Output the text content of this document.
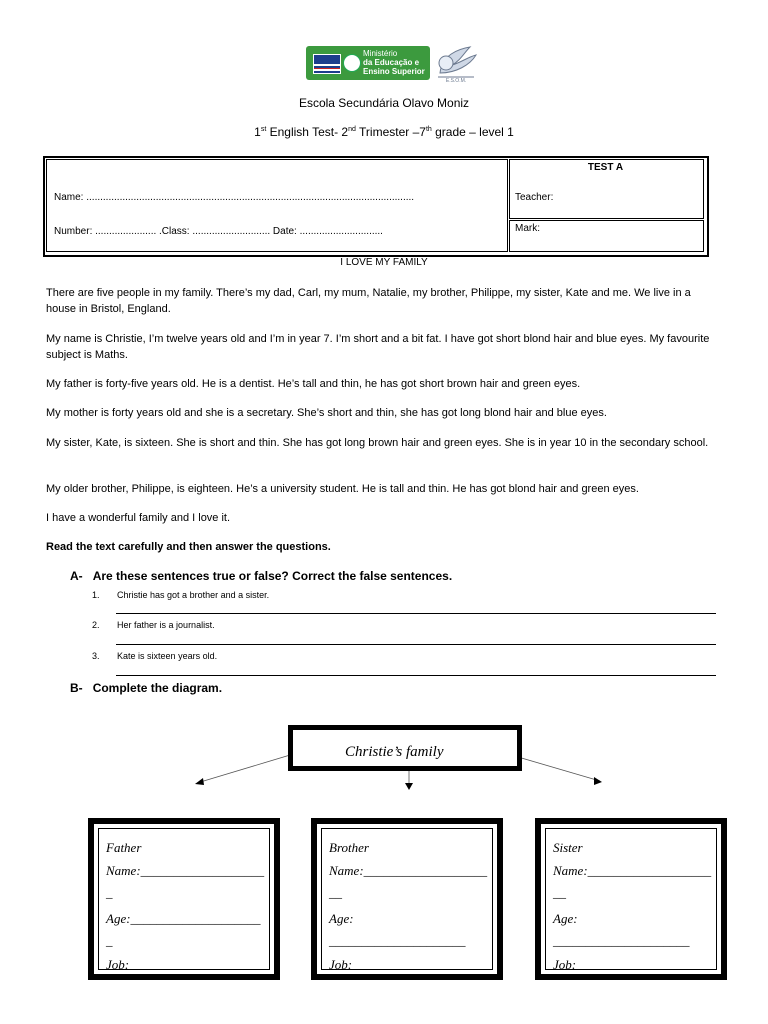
Ministério
da Educação e
Ensino Superior
E.S.O.M.
Escola Secundária Olavo Moniz
1st English Test- 2nd Trimester –7th grade – level 1
Name: ......................................................................................................................
Number: ...................... .Class: ............................ Date: ..............................
TEST A
Teacher:
Mark:
I LOVE MY FAMILY
There are five people in my family. There’s my dad, Carl, my mum, Natalie, my brother, Philippe, my sister, Kate and me. We live in a house in Bristol, England.
My name is Christie, I’m twelve years old and I’m in year 7. I’m short and a bit fat. I have got short blond hair and blue eyes. My favourite subject is Maths.
My father is forty-five years old. He is a dentist. He’s tall and thin, he has got short brown hair and green eyes.
My mother is forty years old and she is a secretary. She’s short and thin, she has got long blond hair and blue eyes.
My sister, Kate, is sixteen. She is short and thin. She has got long brown hair and green eyes. She is in year 10 in the secondary school.
My older brother, Philippe, is eighteen. He’s a university student. He is tall and thin. He has got blond hair and green eyes.
I have a wonderful family and I love it.
Read the text carefully and then answer the questions.
A- Are these sentences true or false? Correct the false sentences.
1. Christie has got a brother and a sister.
2. Her father is a journalist.
3. Kate is sixteen years old.
B- Complete the diagram.
Christie’s family
Father
Name:___________________
_
Age:____________________
_
Job:
Brother
Name:___________________
__
Age:
_____________________
Job:
Sister
Name:___________________
__
Age:
_____________________
Job:
